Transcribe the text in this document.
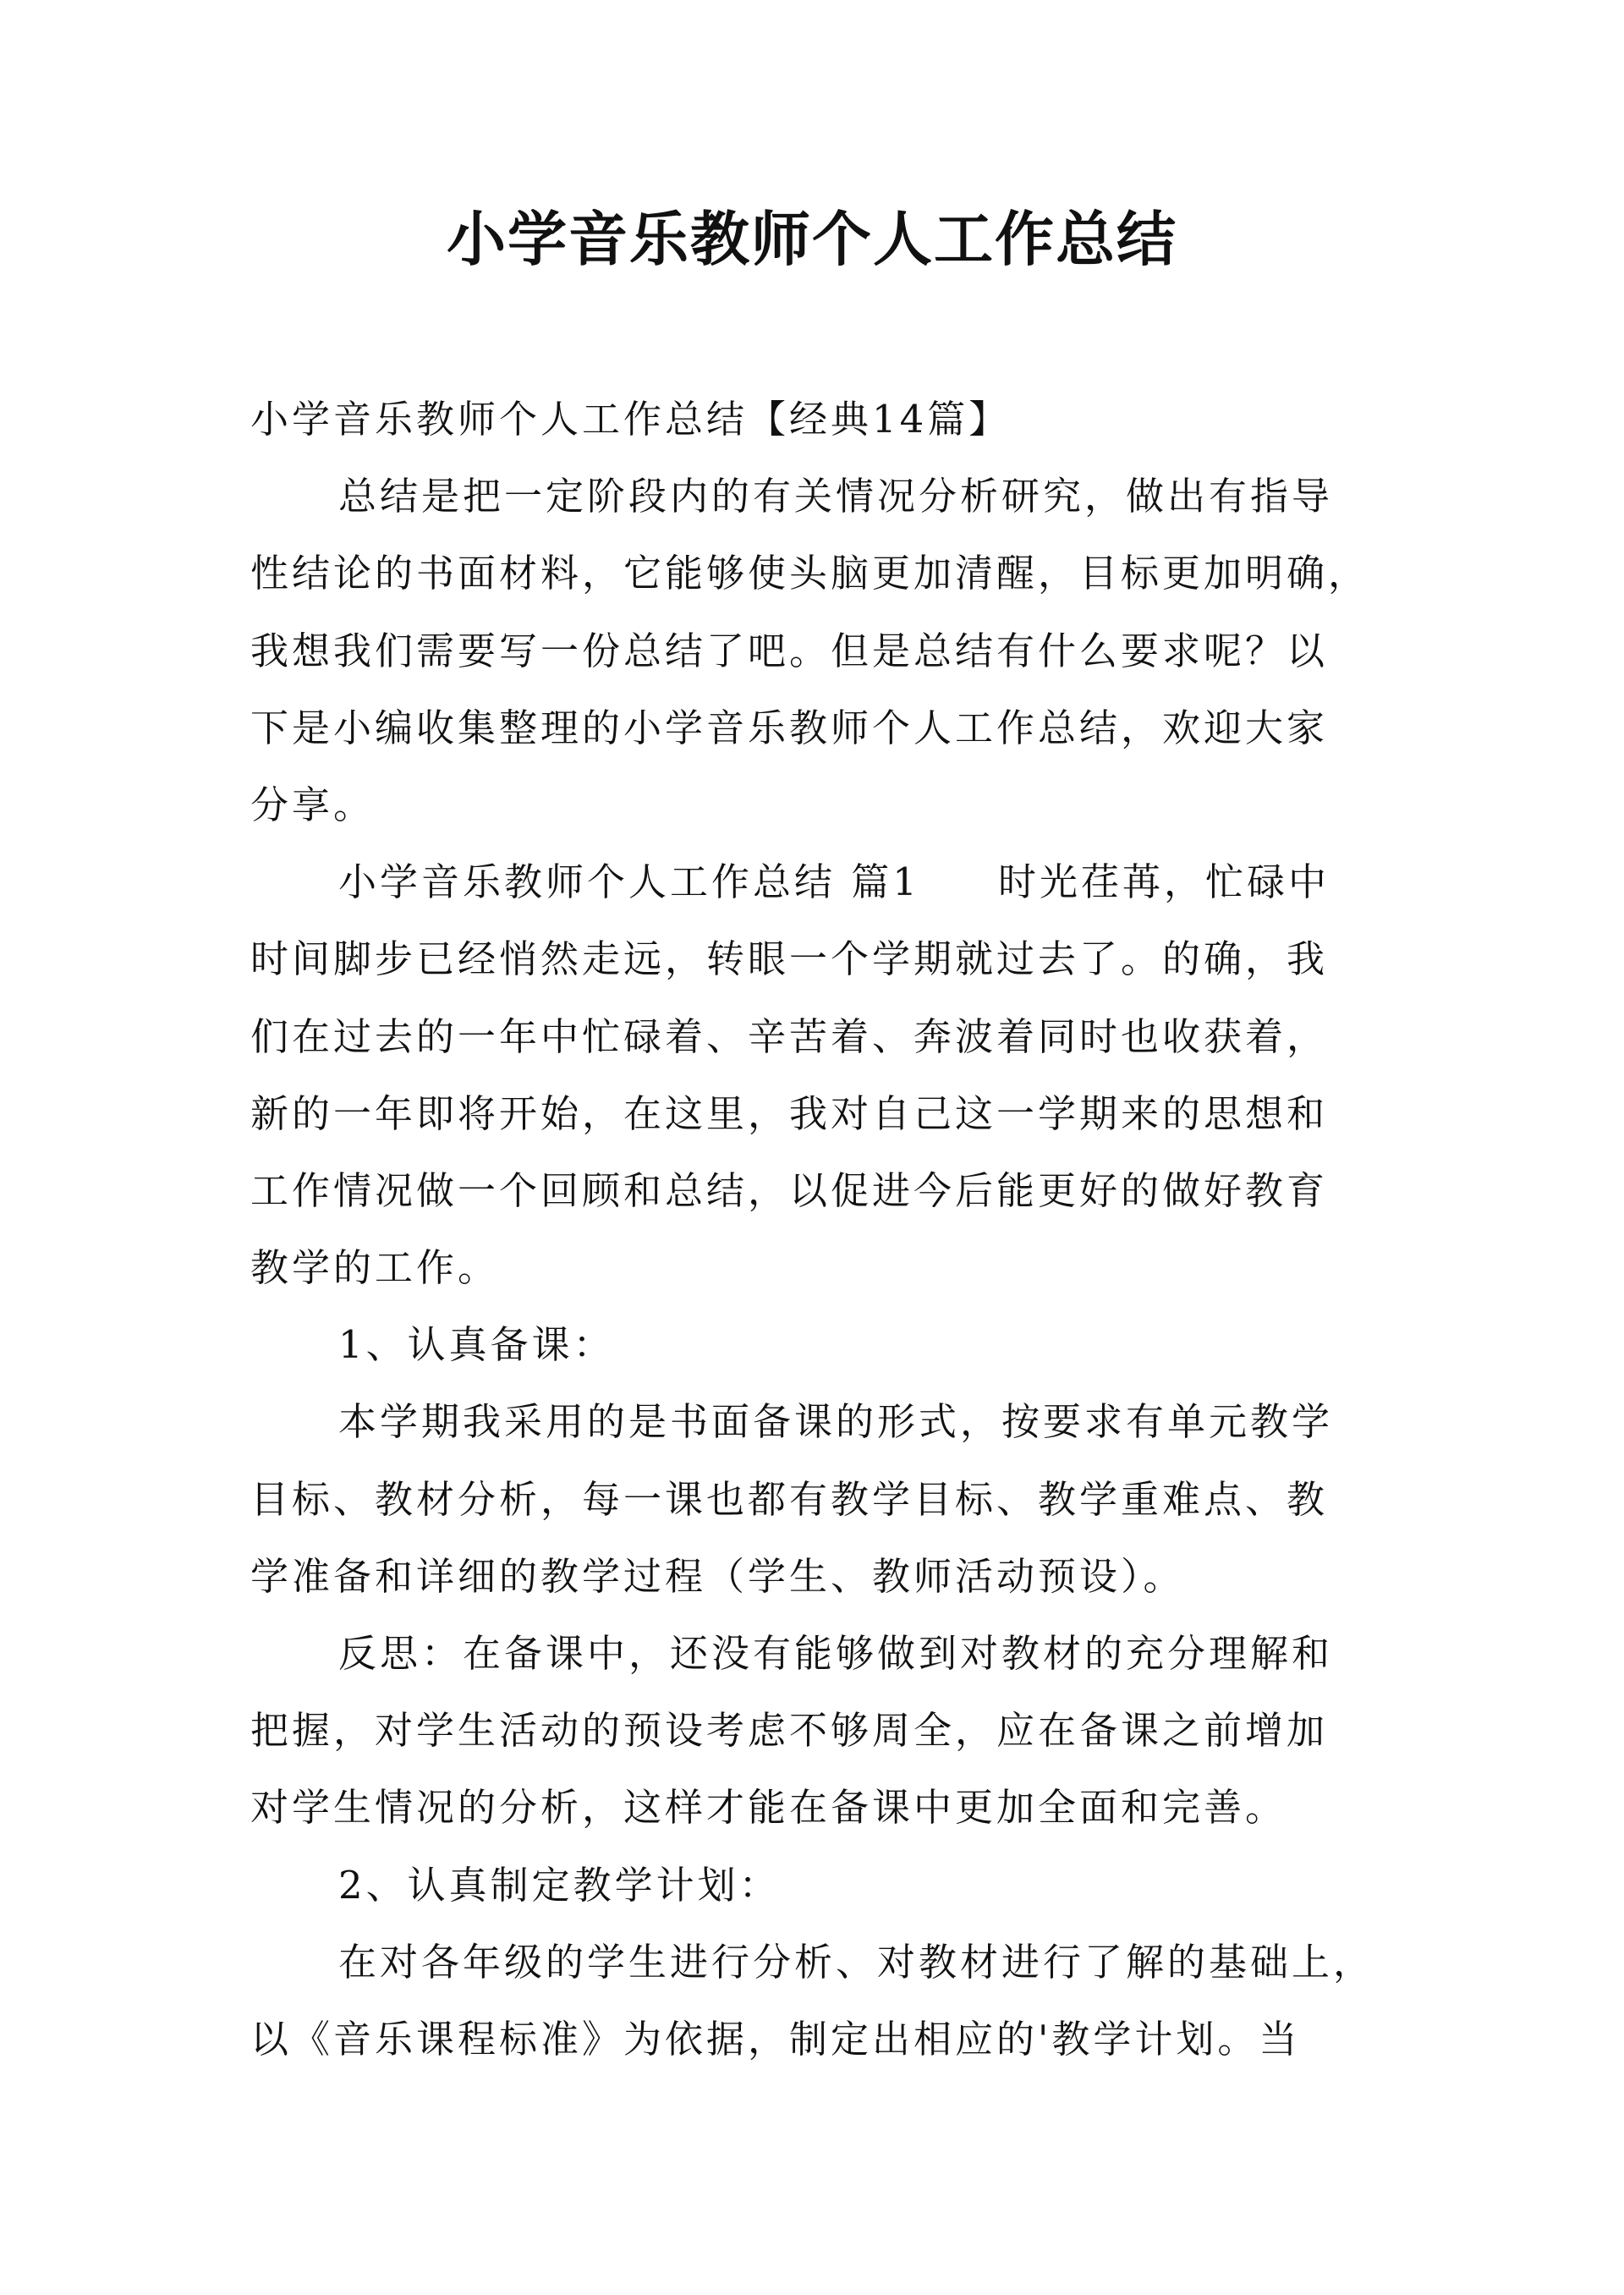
小学音乐教师个人工作总结
小学音乐教师个人工作总结【经典14篇】
总结是把一定阶段内的有关情况分析研究，做出有指导
性结论的书面材料，它能够使头脑更加清醒，目标更加明确，
我想我们需要写一份总结了吧。但是总结有什么要求呢？以
下是小编收集整理的小学音乐教师个人工作总结，欢迎大家
分享。
小学音乐教师个人工作总结 篇1 时光荏苒，忙碌中
时间脚步已经悄然走远，转眼一个学期就过去了。的确，我
们在过去的一年中忙碌着、辛苦着、奔波着同时也收获着，
新的一年即将开始，在这里，我对自己这一学期来的思想和
工作情况做一个回顾和总结，以促进今后能更好的做好教育
教学的工作。
1、认真备课：
本学期我采用的是书面备课的形式，按要求有单元教学
目标、教材分析，每一课也都有教学目标、教学重难点、教
学准备和详细的教学过程（学生、教师活动预设）。
反思：在备课中，还没有能够做到对教材的充分理解和
把握，对学生活动的预设考虑不够周全，应在备课之前增加
对学生情况的分析，这样才能在备课中更加全面和完善。
2、认真制定教学计划：
在对各年级的学生进行分析、对教材进行了解的基础上，
以《音乐课程标准》为依据，制定出相应的'教学计划。当
